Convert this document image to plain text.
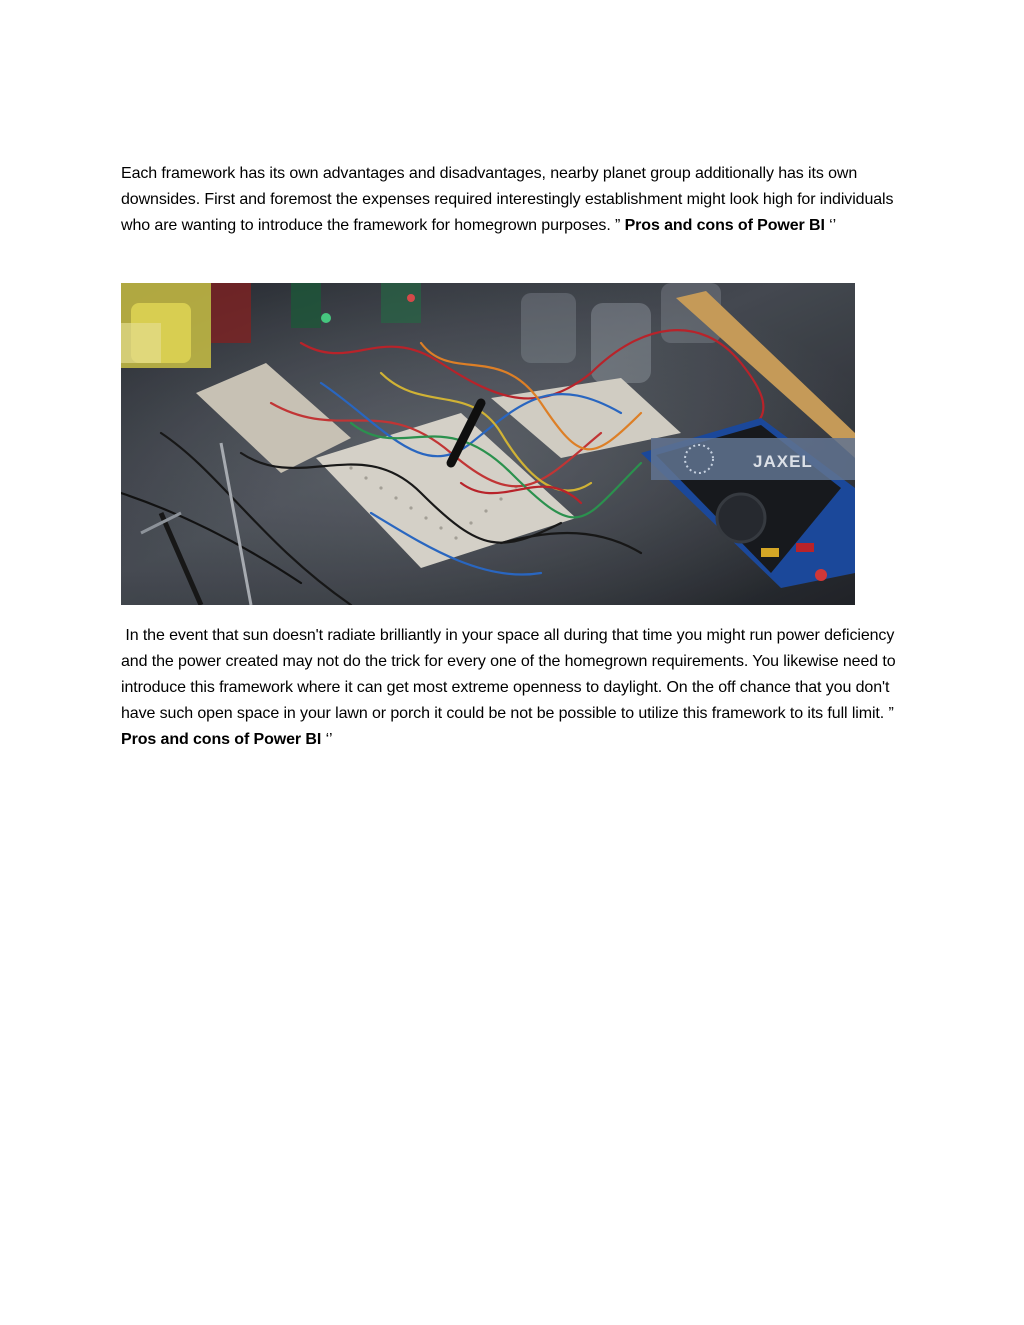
Each framework has its own advantages and disadvantages, nearby planet group additionally has its own downsides. First and foremost the expenses required interestingly establishment might look high for individuals who are wanting to introduce the framework for homegrown purposes. ” Pros and cons of Power BI ‘’

JAXEL

In the event that sun doesn't radiate brilliantly in your space all during that time you might run power deficiency and the power created may not do the trick for every one of the homegrown requirements. You likewise need to introduce this framework where it can get most extreme openness to daylight. On the off chance that you don't have such open space in your lawn or porch it could be not be possible to utilize this framework to its full limit. ” Pros and cons of Power BI ‘’
